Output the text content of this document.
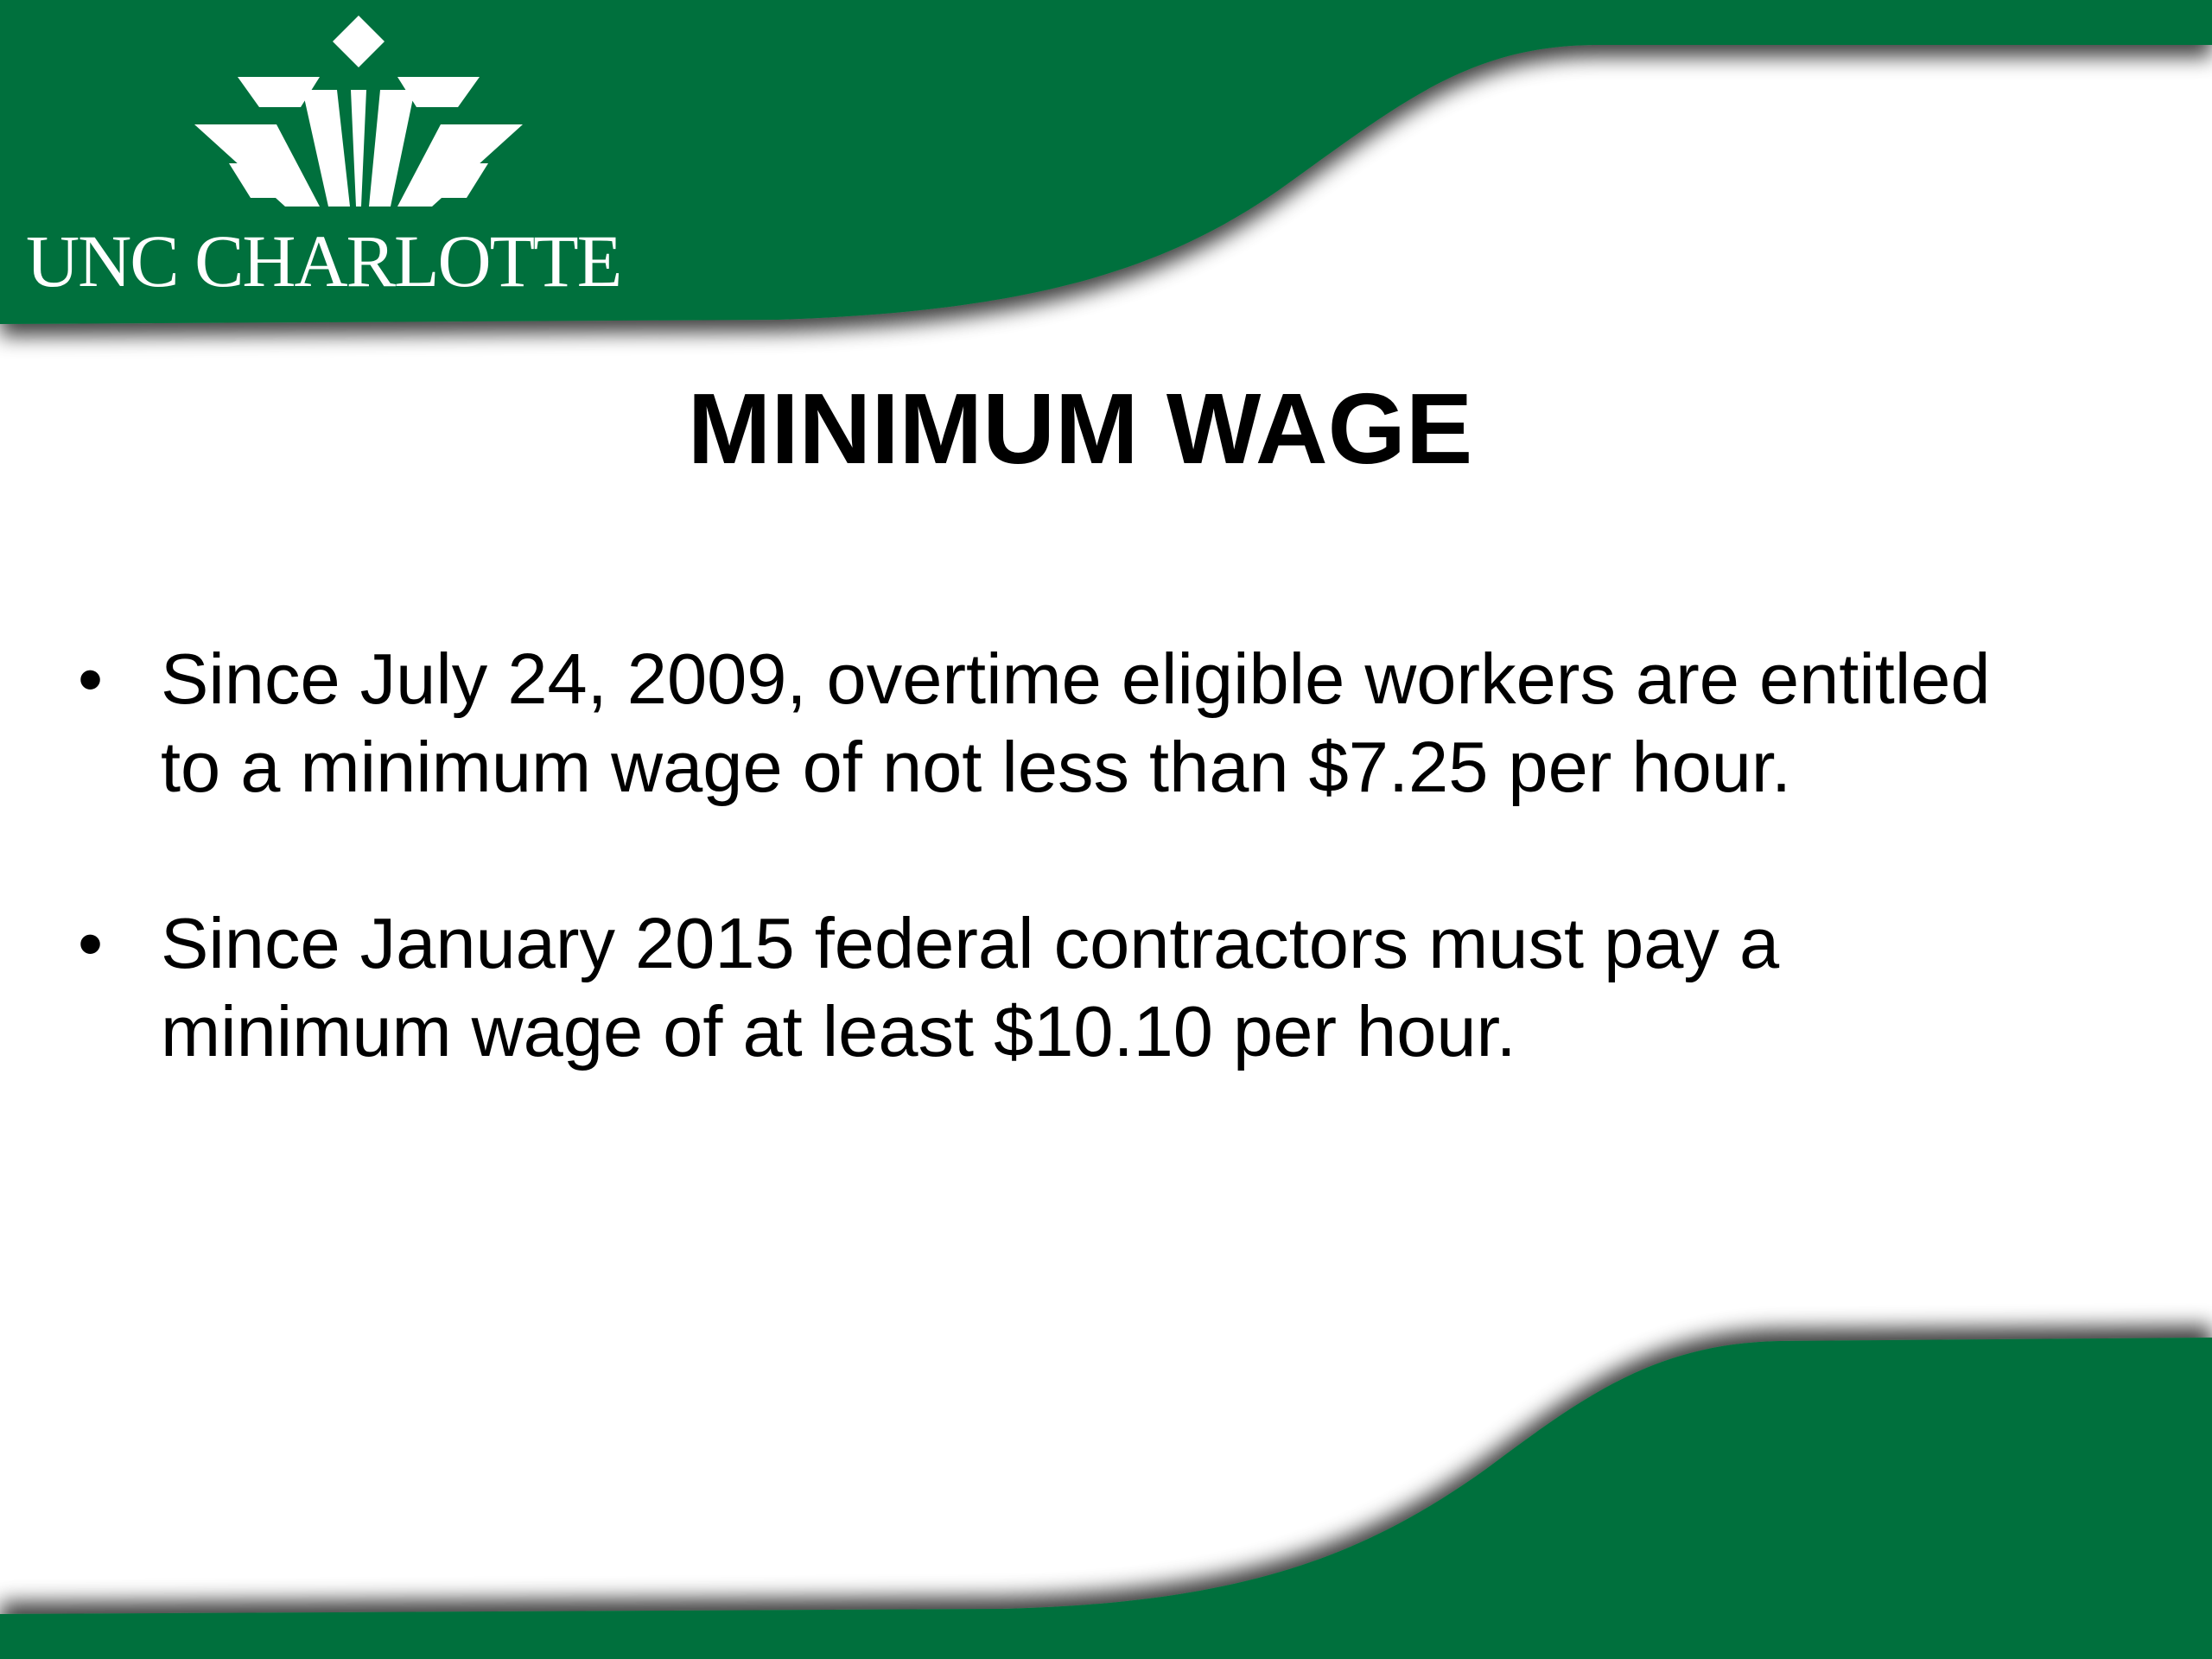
UNC CHARLOTTE
MINIMUM WAGE
• Since July 24, 2009, overtime eligible workers are entitled to a minimum wage of not less than $7.25 per hour.
• Since January 2015 federal contractors must pay a minimum wage of at least $10.10 per hour.
